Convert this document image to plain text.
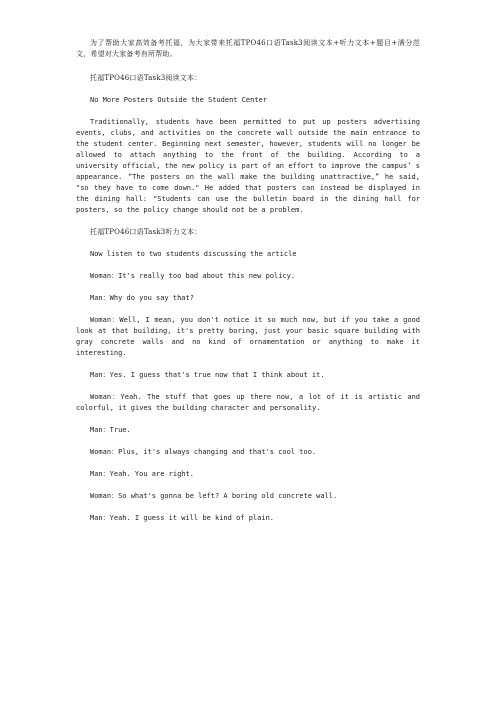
为了帮助大家高效备考托福，为大家带来托福TPO46口语Task3阅读文本+听力文本+题目+满分范文，希望对大家备考有所帮助。

托福TPO46口语Task3阅读文本：

No More Posters Outside the Student Center

Traditionally, students have been permitted to put up posters advertising events, clubs, and activities on the concrete wall outside the main entrance to the student center. Beginning next semester, however, students will no longer be allowed to attach anything to the front of the building. According to a university official, the new policy is part of an effort to improve the campus’ s appearance. “The posters on the wall make the building unattractive,” he said, "so they have to come down." He added that posters can instead be displayed in the dining hall: "Students can use the bulletin board in the dining hall for posters, so the policy change should not be a problem.

托福TPO46口语Task3听力文本：

Now listen to two students discussing the article

Woman：It's really too bad about this new policy.

Man：Why do you say that?

Woman：Well, I mean, you don't notice it so much now, but if you take a good look at that building, it's pretty boring, just your basic square building with gray concrete walls and no kind of ornamentation or anything to make it interesting.

Man：Yes. I guess that's true now that I think about it.

Woman：Yeah. The stuff that goes up there now, a lot of it is artistic and colorful, it gives the building character and personality.

Man：True.

Woman：Plus, it's always changing and that's cool too.

Man：Yeah. You are right.

Woman：So what's gonna be left? A boring old concrete wall.

Man：Yeah. I guess it will be kind of plain.
